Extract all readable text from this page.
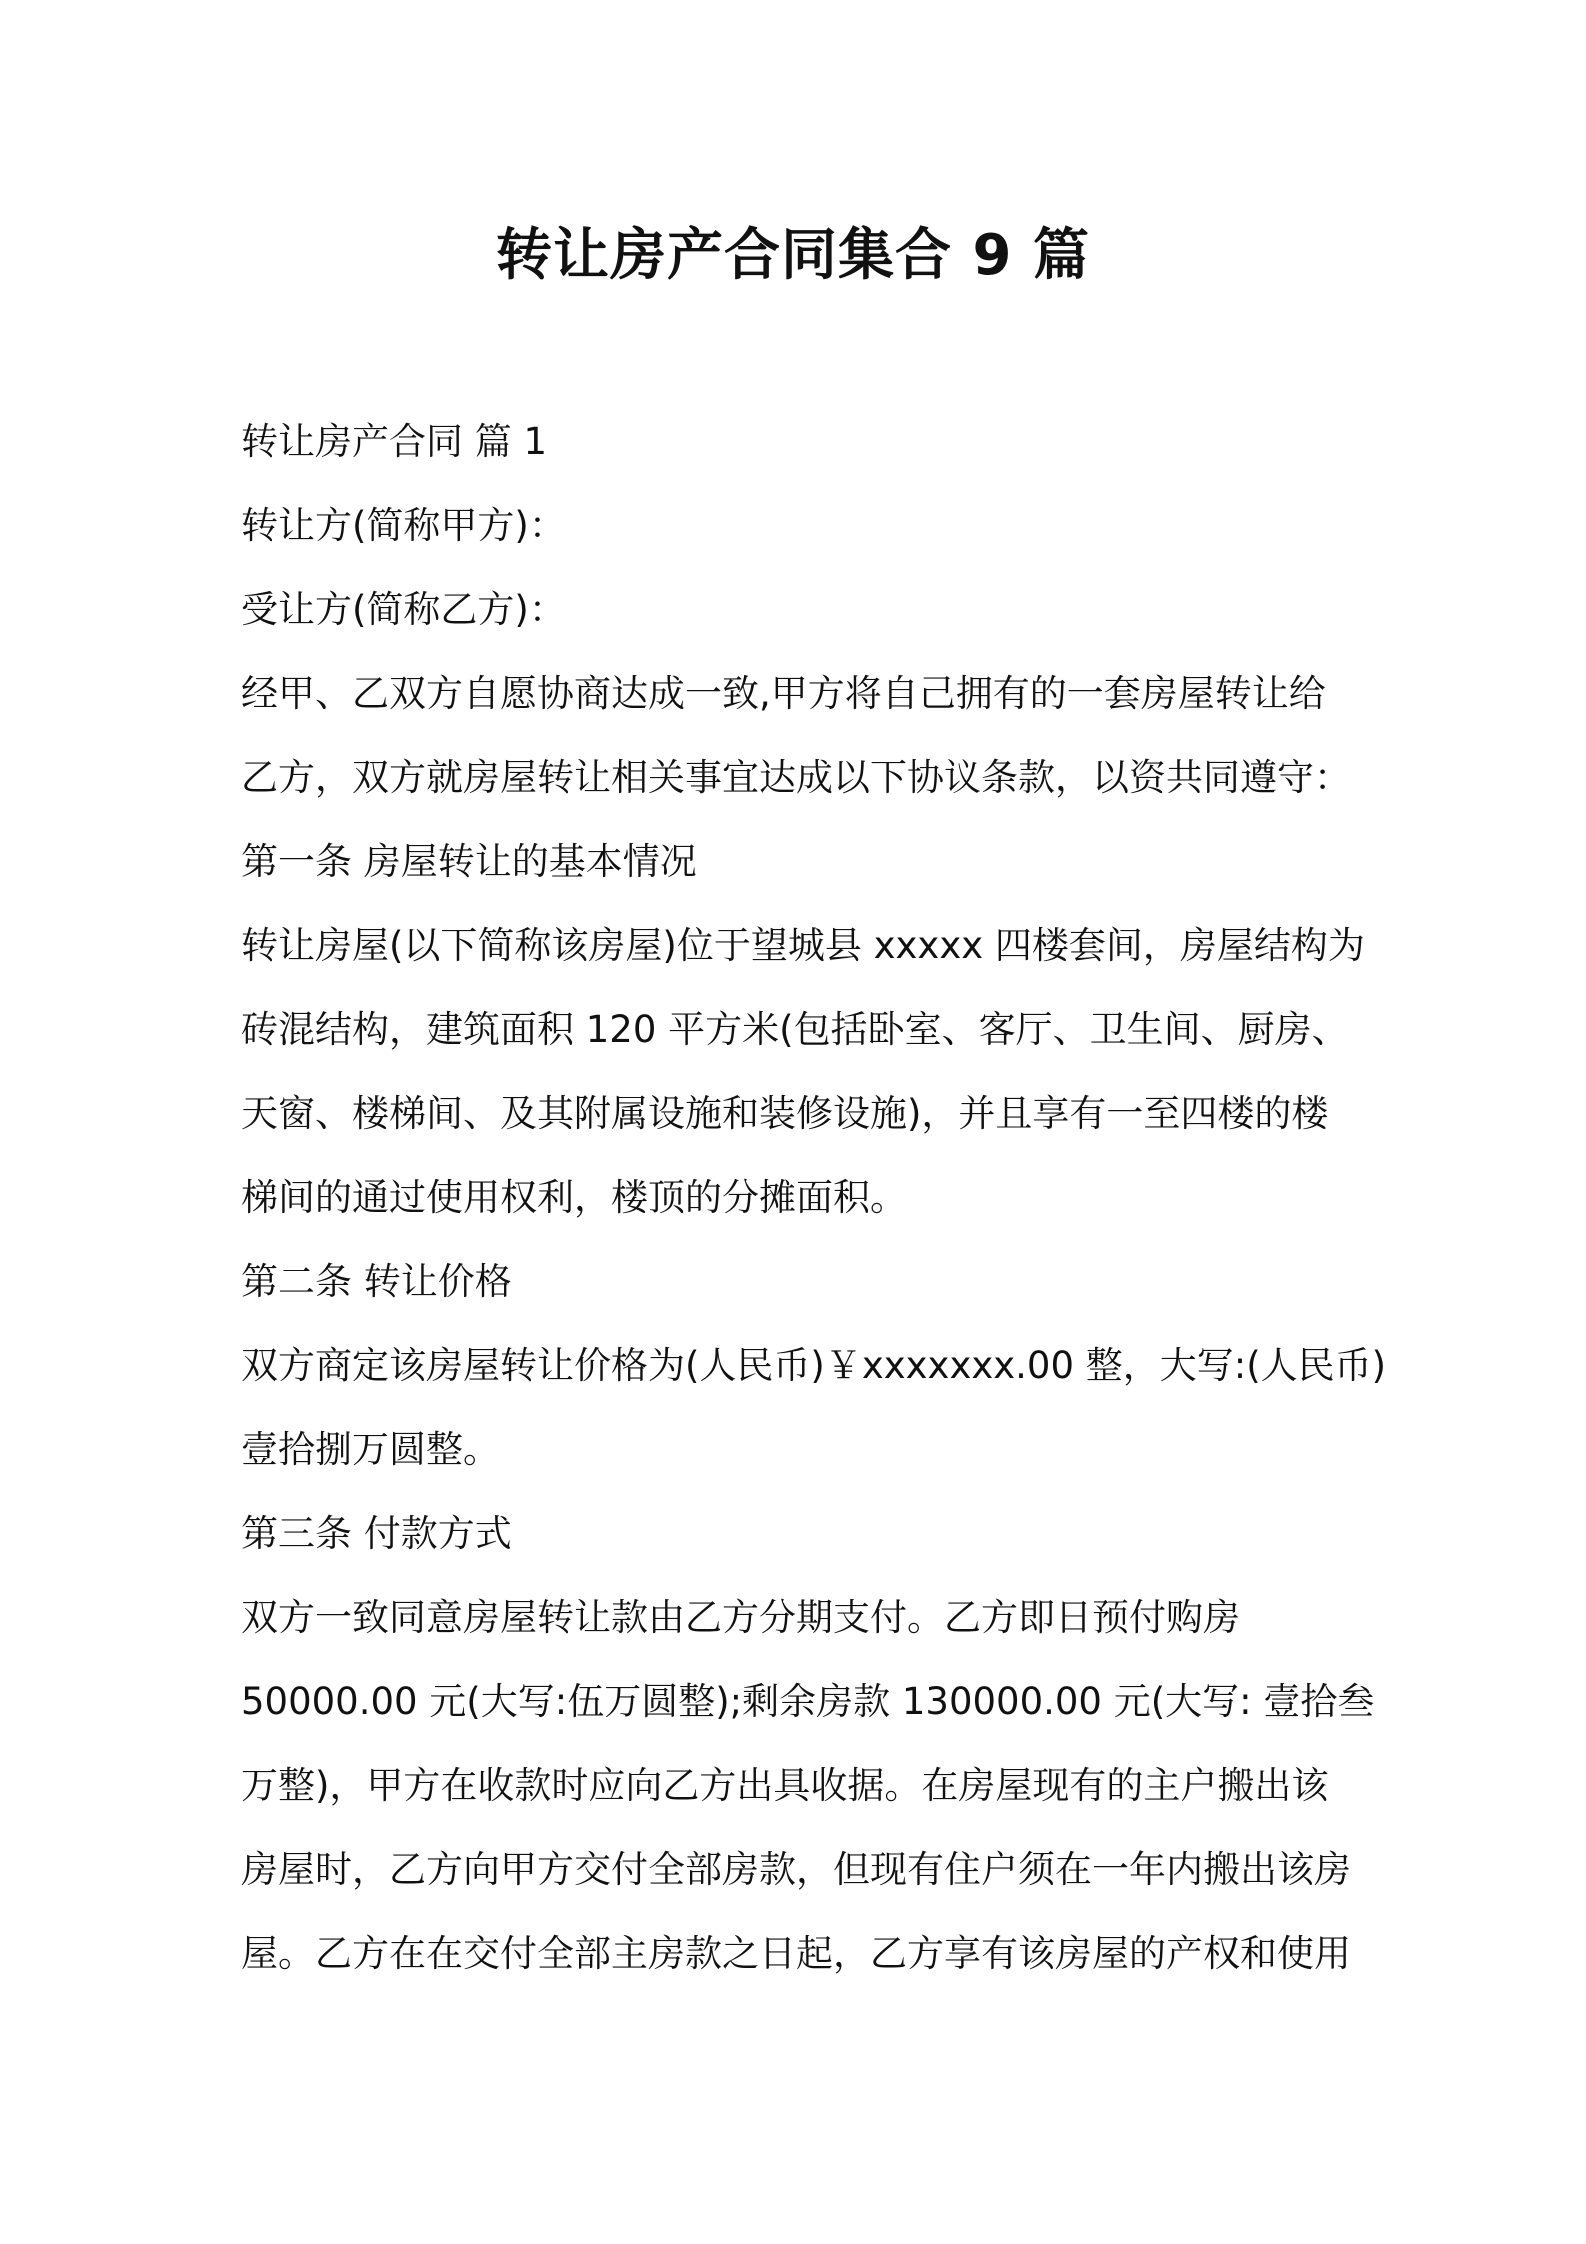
转让房产合同集合 9 篇
转让房产合同 篇 1
转让方(简称甲方)：
受让方(简称乙方)：
经甲、乙双方自愿协商达成一致,甲方将自己拥有的一套房屋转让给
乙方，双方就房屋转让相关事宜达成以下协议条款，以资共同遵守：
第一条 房屋转让的基本情况
转让房屋(以下简称该房屋)位于望城县 xxxxx 四楼套间，房屋结构为
砖混结构，建筑面积 120 平方米(包括卧室、客厅、卫生间、厨房、
天窗、楼梯间、及其附属设施和装修设施)，并且享有一至四楼的楼
梯间的通过使用权利，楼顶的分摊面积。
第二条 转让价格
双方商定该房屋转让价格为(人民币)￥xxxxxxx.00 整，大写:(人民币)
壹拾捌万圆整。
第三条 付款方式
双方一致同意房屋转让款由乙方分期支付。乙方即日预付购房
50000.00 元(大写:伍万圆整);剩余房款 130000.00 元(大写: 壹拾叁
万整)，甲方在收款时应向乙方出具收据。在房屋现有的主户搬出该
房屋时，乙方向甲方交付全部房款，但现有住户须在一年内搬出该房
屋。乙方在在交付全部主房款之日起，乙方享有该房屋的产权和使用
